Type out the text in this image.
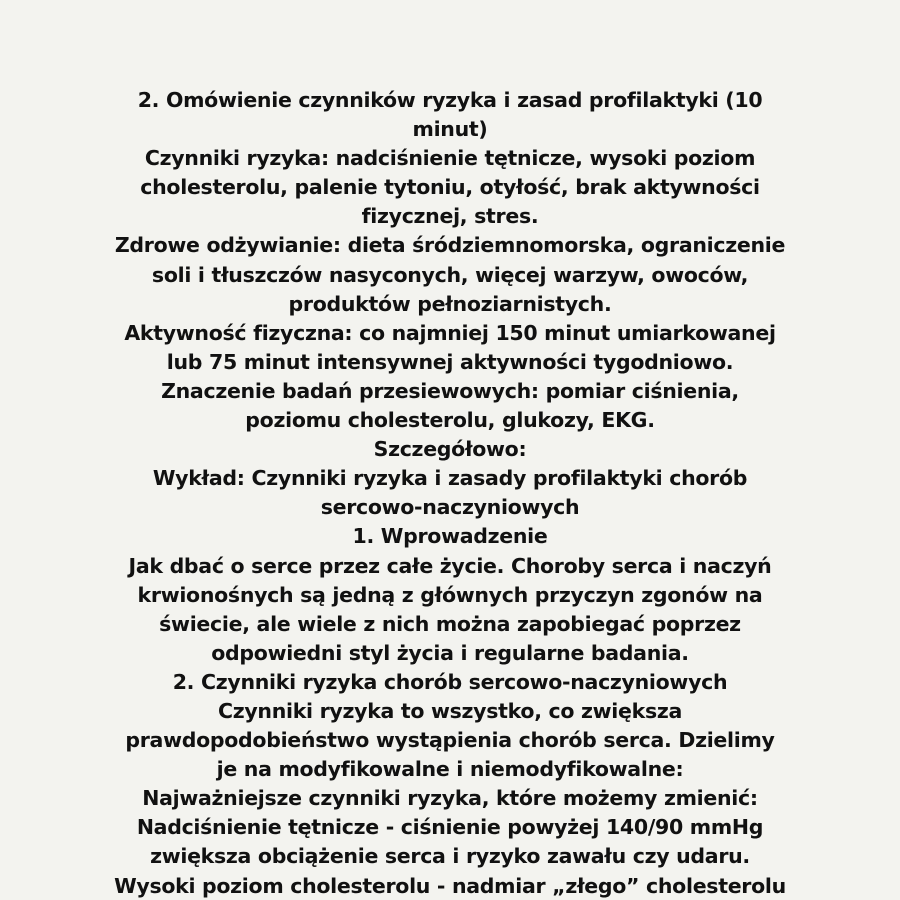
2. Omówienie czynników ryzyka i zasad profilaktyki (10
minut)
Czynniki ryzyka: nadciśnienie tętnicze, wysoki poziom
cholesterolu, palenie tytoniu, otyłość, brak aktywności
fizycznej, stres.
Zdrowe odżywianie: dieta śródziemnomorska, ograniczenie
soli i tłuszczów nasyconych, więcej warzyw, owoców,
produktów pełnoziarnistych.
Aktywność fizyczna: co najmniej 150 minut umiarkowanej
lub 75 minut intensywnej aktywności tygodniowo.
Znaczenie badań przesiewowych: pomiar ciśnienia,
poziomu cholesterolu, glukozy, EKG.
Szczegółowo:
Wykład: Czynniki ryzyka i zasady profilaktyki chorób
sercowo-naczyniowych
1. Wprowadzenie
Jak dbać o serce przez całe życie. Choroby serca i naczyń
krwionośnych są jedną z głównych przyczyn zgonów na
świecie, ale wiele z nich można zapobiegać poprzez
odpowiedni styl życia i regularne badania.
2. Czynniki ryzyka chorób sercowo-naczyniowych
Czynniki ryzyka to wszystko, co zwiększa
prawdopodobieństwo wystąpienia chorób serca. Dzielimy
je na modyfikowalne i niemodyfikowalne:
Najważniejsze czynniki ryzyka, które możemy zmienić:
Nadciśnienie tętnicze - ciśnienie powyżej 140/90 mmHg
zwiększa obciążenie serca i ryzyko zawału czy udaru.
Wysoki poziom cholesterolu - nadmiar „złego” cholesterolu
